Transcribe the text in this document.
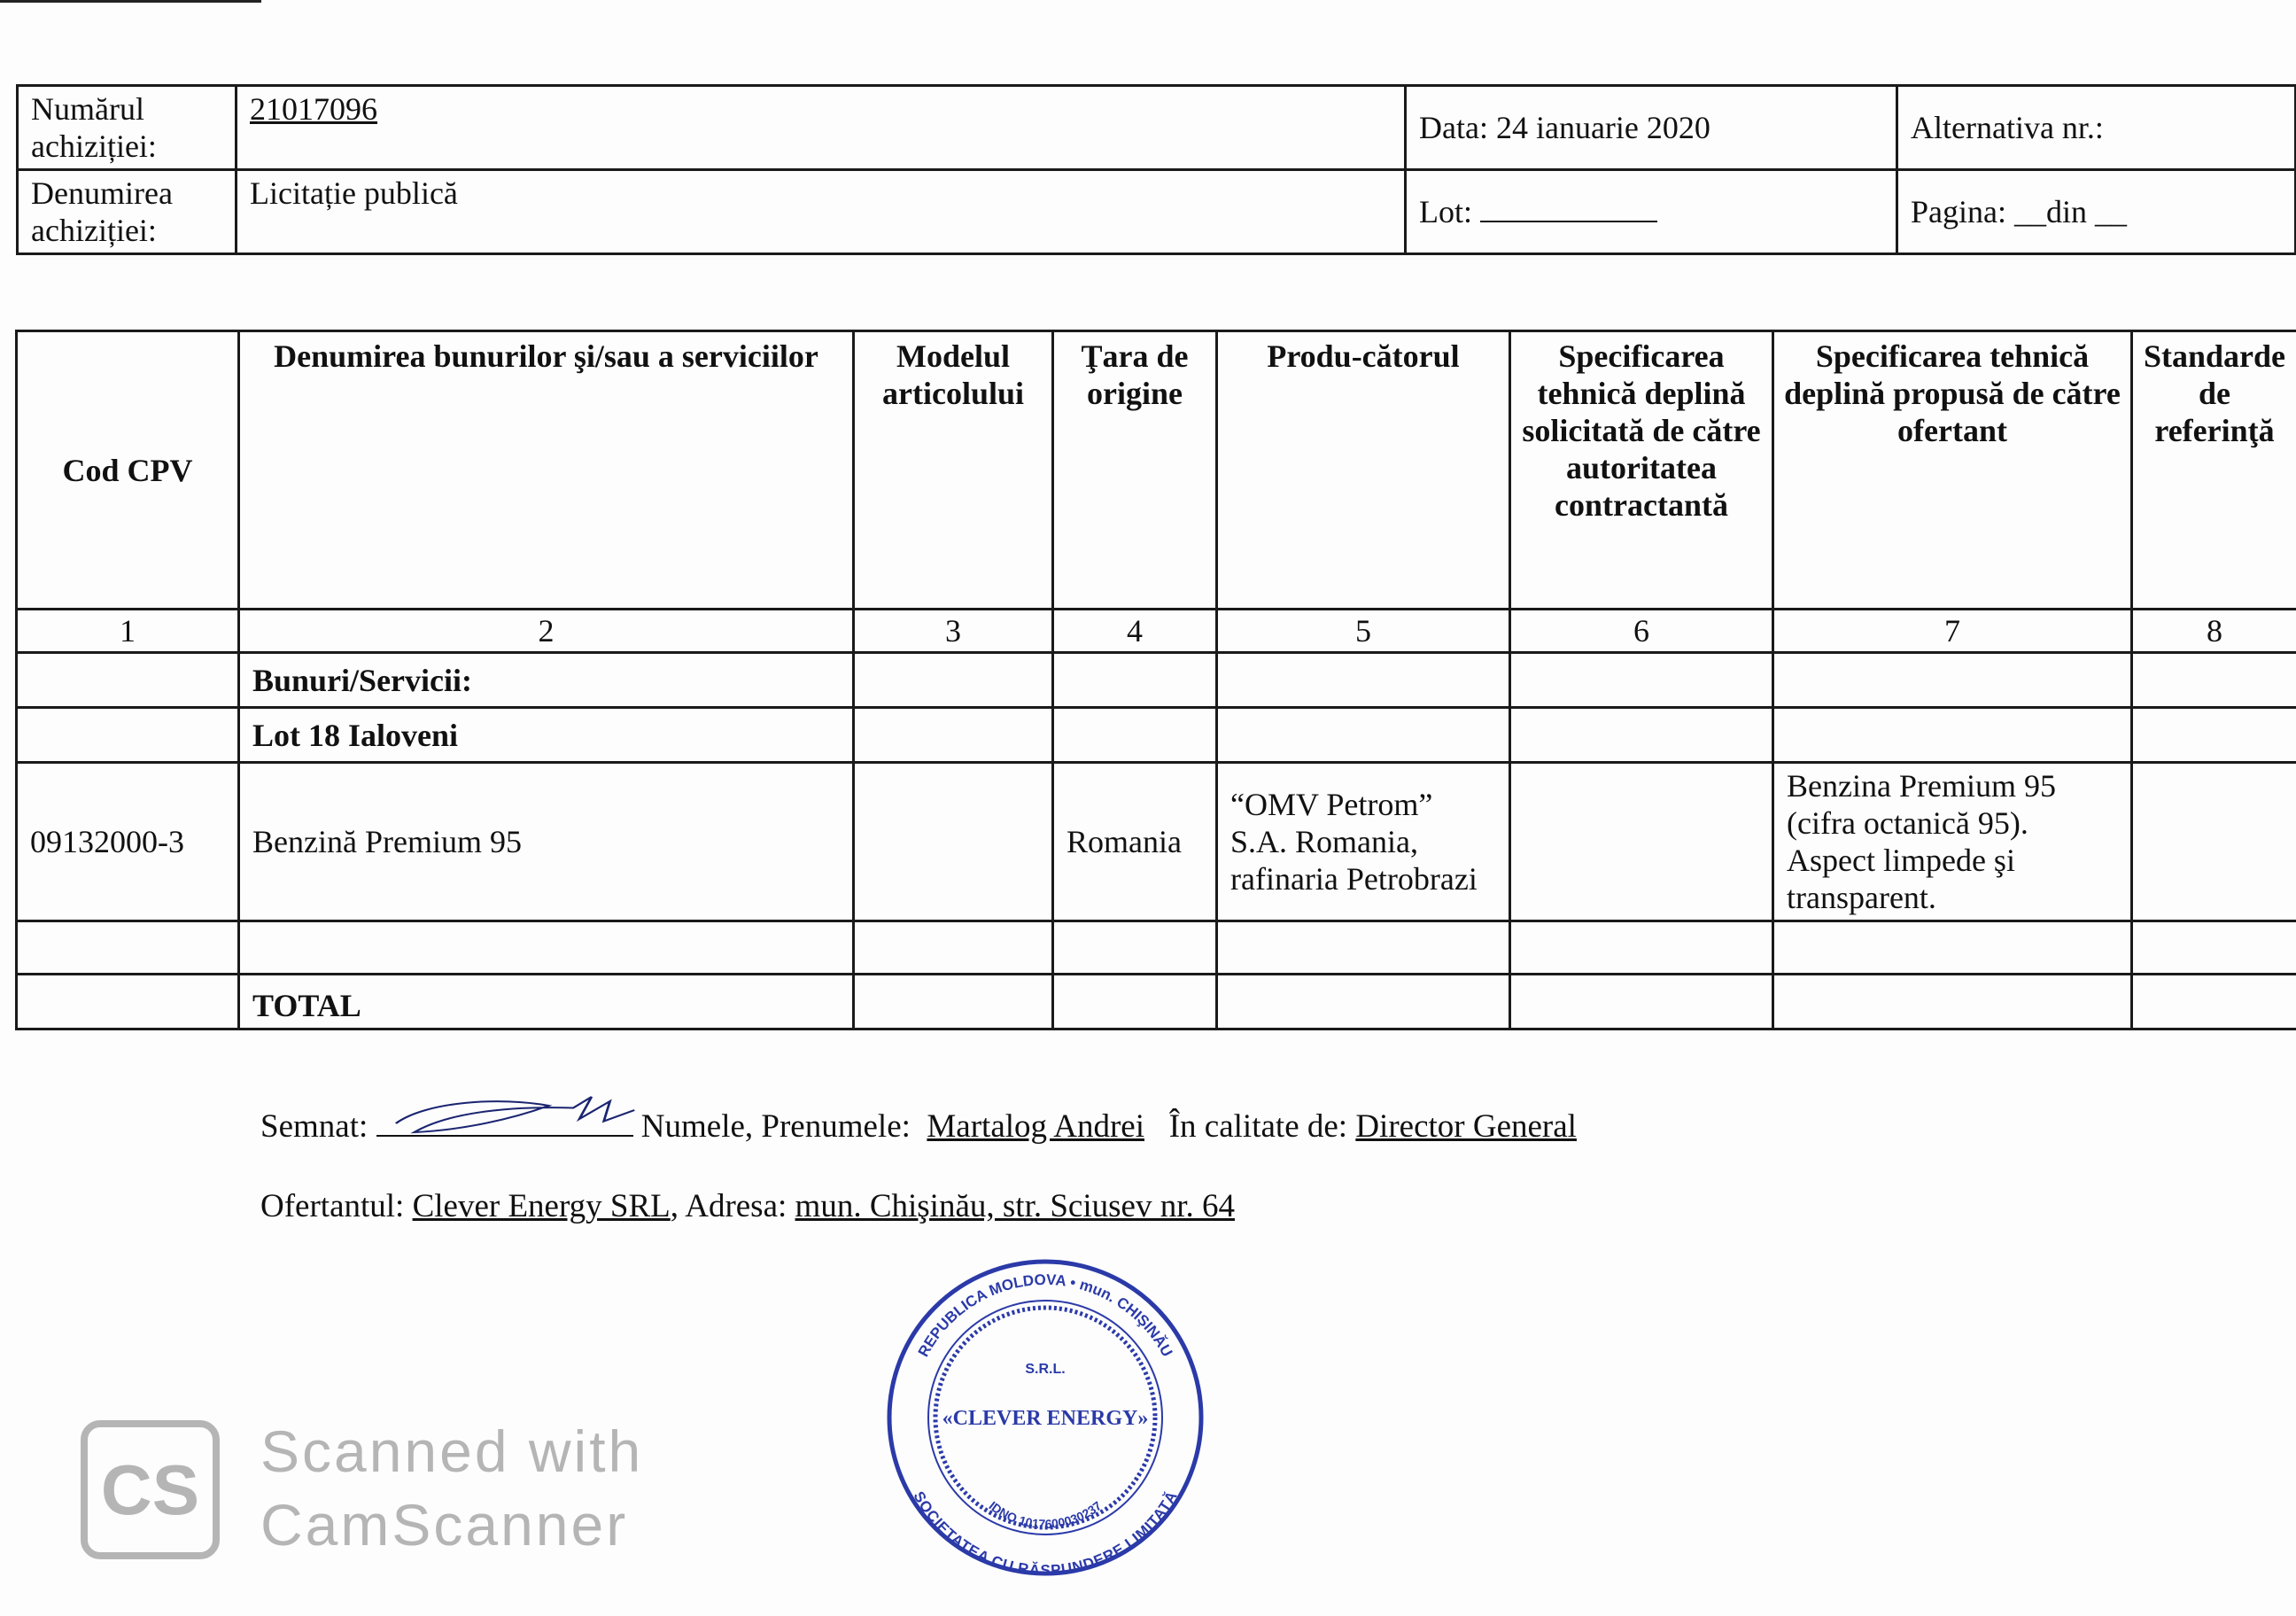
Numărul achiziției:	21017096	Data: 24 ianuarie 2020	Alternativa nr.:
Denumirea achiziției:	Licitație publică	Lot:	Pagina: __din __
Cod CPV	Denumirea bunurilor şi/sau a serviciilor	Modelul articolului	Ţara de origine	Produ-cătorul	Specificarea tehnică deplină solicitată de către autoritatea contractantă	Specificarea tehnică deplină propusă de către ofertant	Standarde de referinţă
1	2	3	4	5	6	7	8
	Bunuri/Servicii:						
	Lot 18 Ialoveni						
09132000-3	Benzină Premium 95		Romania	“OMV Petrom” S.A. Romania, rafinaria Petrobrazi		Benzina Premium 95 (cifra octanică 95). Aspect limpede şi transparent.	

	TOTAL						
Semnat:	Numele, Prenumele: Martalog Andrei În calitate de: Director General
Ofertantul: Clever Energy SRL, Adresa: mun. Chişinău, str. Sciusev nr. 64
REPUBLICA MOLDOVA • mun. CHIŞINĂU
SOCIETATEA CU RĂSPUNDERE LIMITATĂ
IDNO 1017600030237
S.R.L.
«CLEVER ENERGY»
CS	Scanned with
CamScanner
